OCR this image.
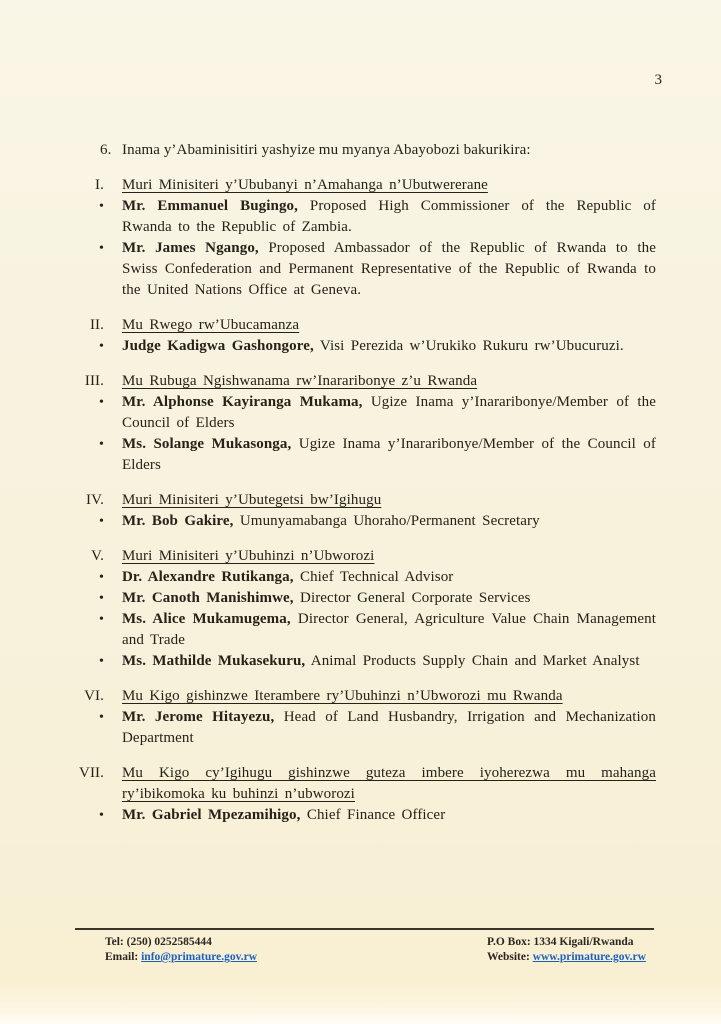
3
6. Inama y’Abaminisitiri yashyize mu myanya Abayobozi bakurikira:
I. Muri Minisiteri y’Ububanyi n’Amahanga n’Ubutwererane
• Mr. Emmanuel Bugingo, Proposed High Commissioner of the Republic of Rwanda to the Republic of Zambia.
• Mr. James Ngango, Proposed Ambassador of the Republic of Rwanda to the Swiss Confederation and Permanent Representative of the Republic of Rwanda to the United Nations Office at Geneva.
II. Mu Rwego rw’Ubucamanza
• Judge Kadigwa Gashongore, Visi Perezida w’Urukiko Rukuru rw’Ubucuruzi.
III. Mu Rubuga Ngishwanama rw’Inararibonye z’u Rwanda
• Mr. Alphonse Kayiranga Mukama, Ugize Inama y’Inararibonye/Member of the Council of Elders
• Ms. Solange Mukasonga, Ugize Inama y’Inararibonye/Member of the Council of Elders
IV. Muri Minisiteri y’Ubutegetsi bw’Igihugu
• Mr. Bob Gakire, Umunyamabanga Uhoraho/Permanent Secretary
V. Muri Minisiteri y’Ubuhinzi n’Ubworozi
• Dr. Alexandre Rutikanga, Chief Technical Advisor
• Mr. Canoth Manishimwe, Director General Corporate Services
• Ms. Alice Mukamugema, Director General, Agriculture Value Chain Management and Trade
• Ms. Mathilde Mukasekuru, Animal Products Supply Chain and Market Analyst
VI. Mu Kigo gishinzwe Iterambere ry’Ubuhinzi n’Ubworozi mu Rwanda
• Mr. Jerome Hitayezu, Head of Land Husbandry, Irrigation and Mechanization Department
VII. Mu Kigo cy’Igihugu gishinzwe guteza imbere iyoherezwa mu mahanga ry’ibikomoka ku buhinzi n’ubworozi
• Mr. Gabriel Mpezamihigo, Chief Finance Officer
Tel: (250) 0252585444
Email: info@primature.gov.rw
P.O Box: 1334 Kigali/Rwanda
Website: www.primature.gov.rw
